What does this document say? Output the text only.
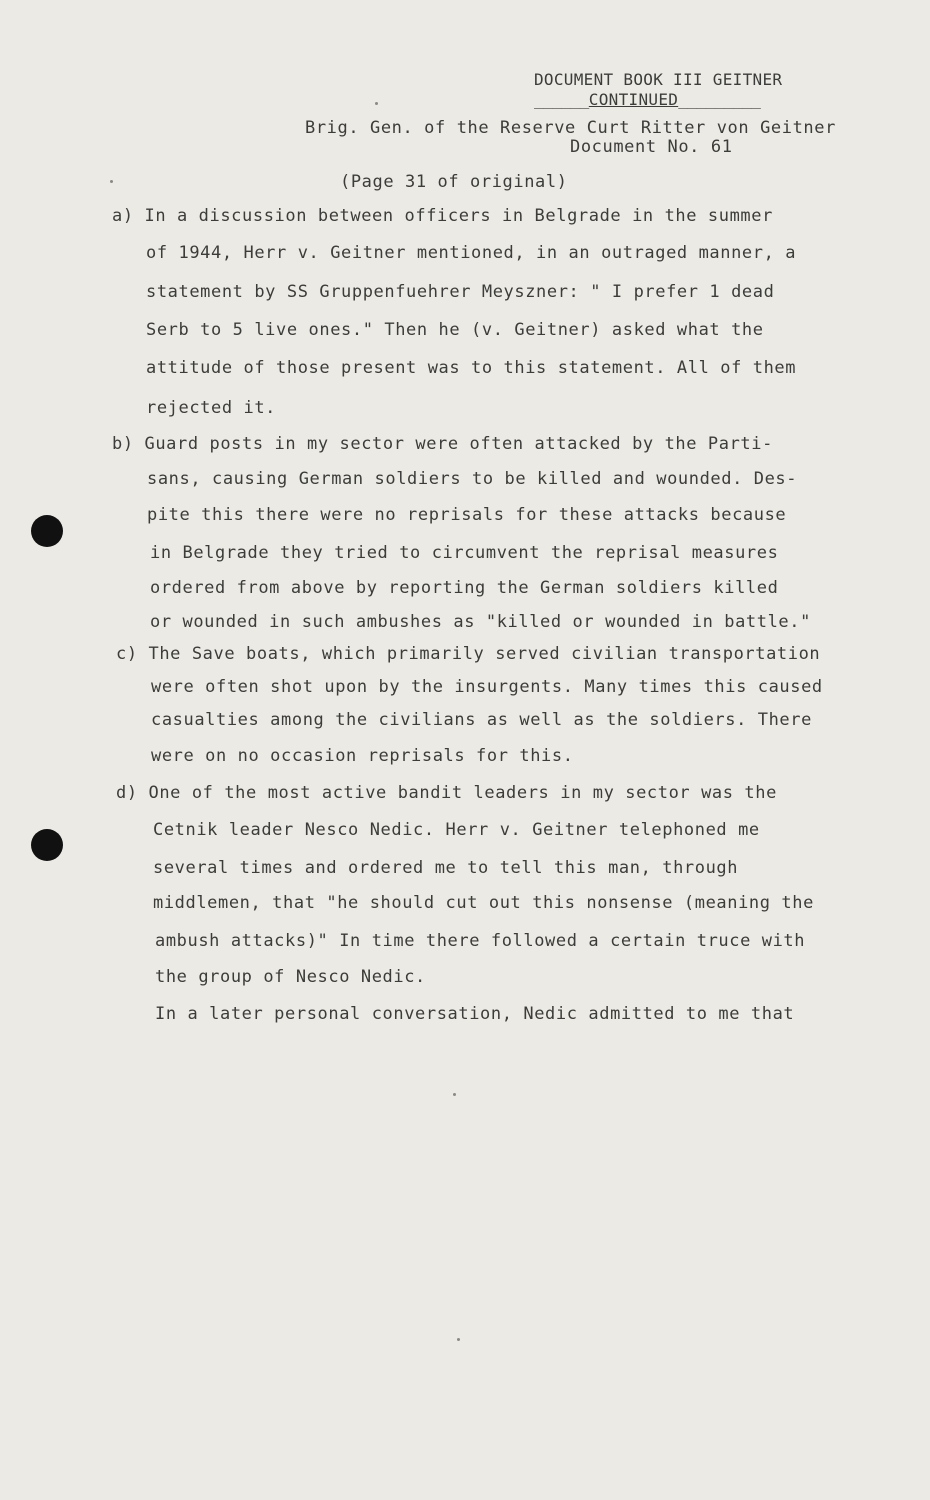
DOCUMENT BOOK III GEITNER
______CONTINUED_________
Brig. Gen. of the Reserve Curt Ritter von Geitner
Document No. 61
(Page 31 of original)
a) In a discussion between officers in Belgrade in the summer
of 1944, Herr v. Geitner mentioned, in an outraged manner, a
statement by SS Gruppenfuehrer Meyszner: " I prefer 1 dead
Serb to 5 live ones." Then he (v. Geitner) asked what the
attitude of those present was to this statement. All of them
rejected it.
b) Guard posts in my sector were often attacked by the Parti-
sans, causing German soldiers to be killed and wounded. Des-
pite this there were no reprisals for these attacks because
in Belgrade they tried to circumvent the reprisal measures
ordered from above by reporting the German soldiers killed
or wounded in such ambushes as "killed or wounded in battle."
c) The Save boats, which primarily served civilian transportation
were often shot upon by the insurgents. Many times this caused
casualties among the civilians as well as the soldiers. There
were on no occasion reprisals for this.
d) One of the most active bandit leaders in my sector was the
Cetnik leader Nesco Nedic. Herr v. Geitner telephoned me
several times and ordered me to tell this man, through
middlemen, that "he should cut out this nonsense (meaning the
ambush attacks)" In time there followed a certain truce with
the group of Nesco Nedic.
In a later personal conversation, Nedic admitted to me that
